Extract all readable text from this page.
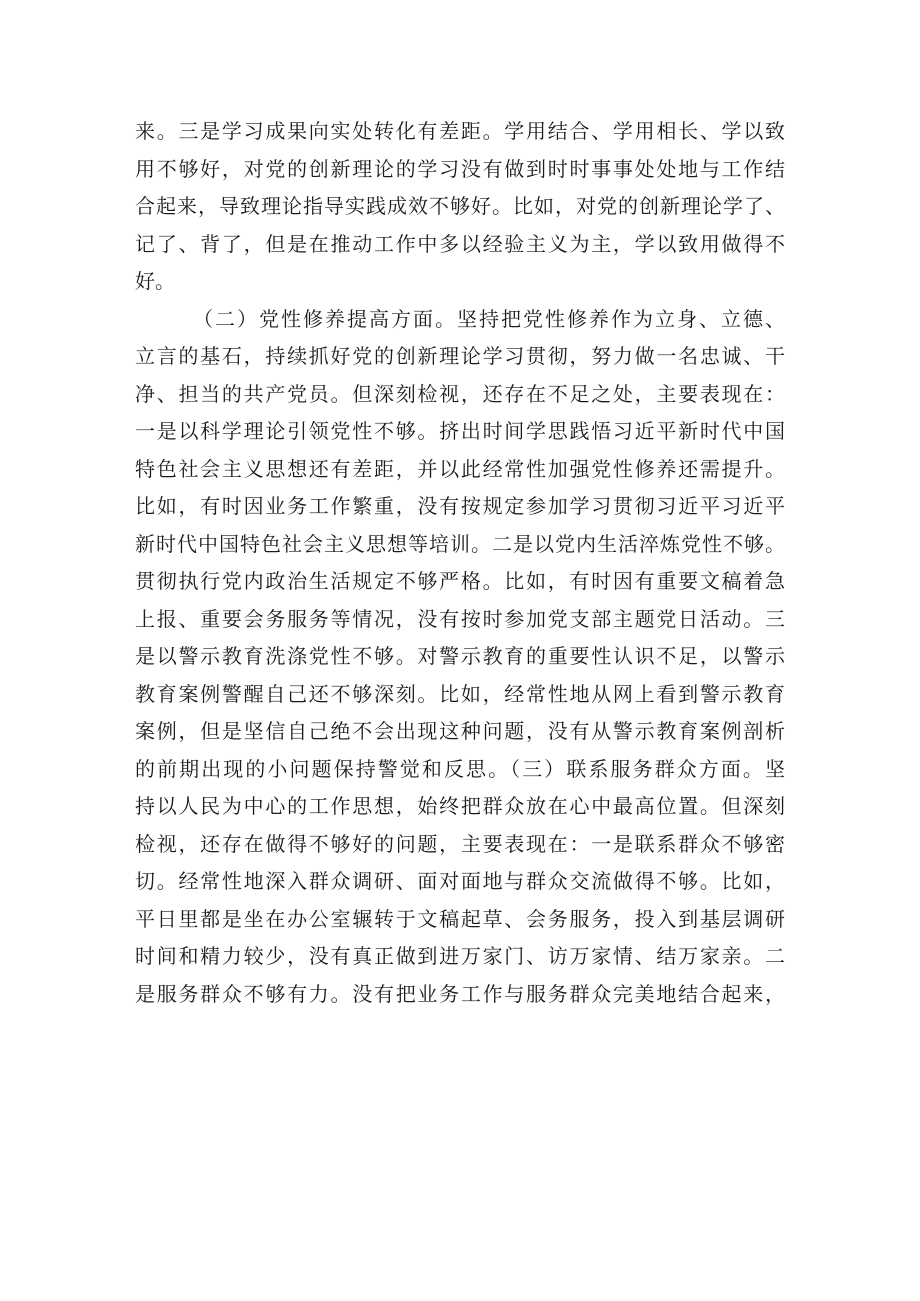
来。三是学习成果向实处转化有差距。学用结合、学用相长、学以致
用不够好，对党的创新理论的学习没有做到时时事事处处地与工作结
合起来，导致理论指导实践成效不够好。比如，对党的创新理论学了、
记了、背了，但是在推动工作中多以经验主义为主，学以致用做得不
好。
（二）党性修养提高方面。坚持把党性修养作为立身、立德、
立言的基石，持续抓好党的创新理论学习贯彻，努力做一名忠诚、干
净、担当的共产党员。但深刻检视，还存在不足之处，主要表现在：
一是以科学理论引领党性不够。挤出时间学思践悟习近平新时代中国
特色社会主义思想还有差距，并以此经常性加强党性修养还需提升。
比如，有时因业务工作繁重，没有按规定参加学习贯彻习近平习近平
新时代中国特色社会主义思想等培训。二是以党内生活淬炼党性不够。
贯彻执行党内政治生活规定不够严格。比如，有时因有重要文稿着急
上报、重要会务服务等情况，没有按时参加党支部主题党日活动。三
是以警示教育洗涤党性不够。对警示教育的重要性认识不足，以警示
教育案例警醒自己还不够深刻。比如，经常性地从网上看到警示教育
案例，但是坚信自己绝不会出现这种问题，没有从警示教育案例剖析
的前期出现的小问题保持警觉和反思。（三）联系服务群众方面。坚
持以人民为中心的工作思想，始终把群众放在心中最高位置。但深刻
检视，还存在做得不够好的问题，主要表现在：一是联系群众不够密
切。经常性地深入群众调研、面对面地与群众交流做得不够。比如，
平日里都是坐在办公室辗转于文稿起草、会务服务，投入到基层调研
时间和精力较少，没有真正做到进万家门、访万家情、结万家亲。二
是服务群众不够有力。没有把业务工作与服务群众完美地结合起来，
